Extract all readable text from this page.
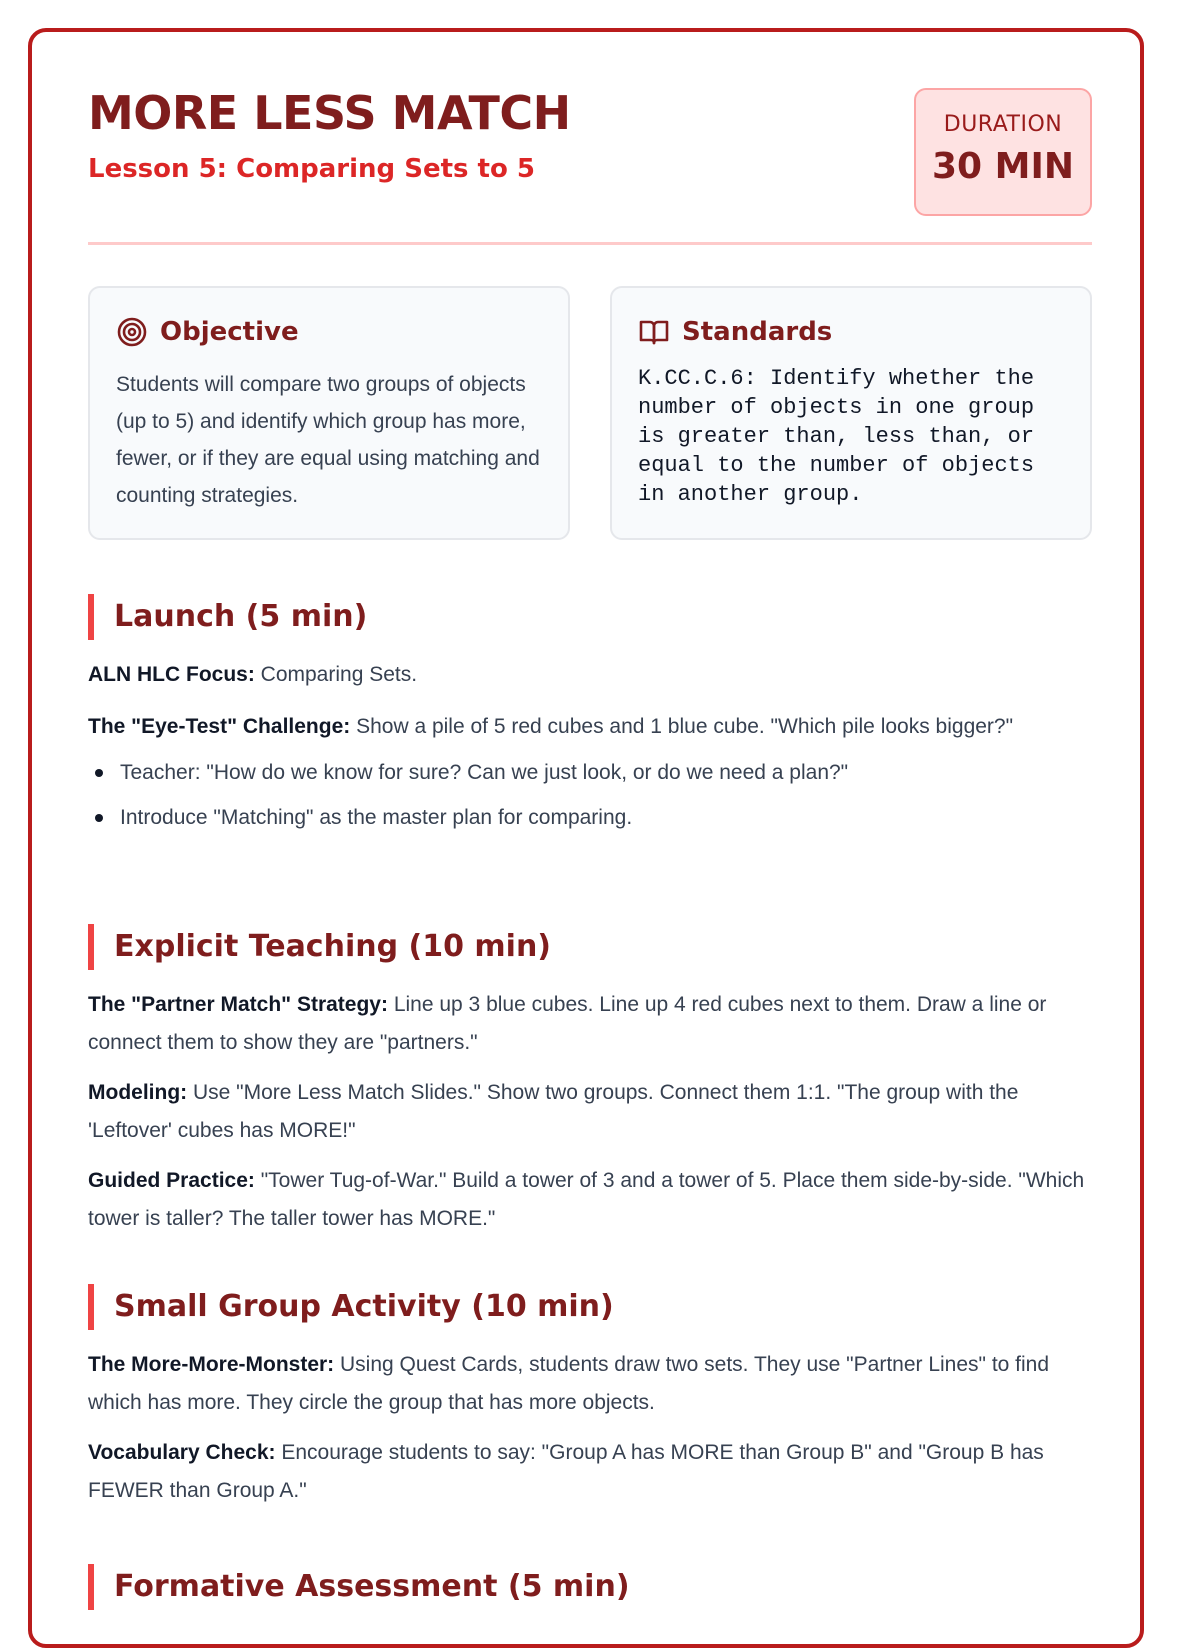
MORE LESS MATCH
Lesson 5: Comparing Sets to 5
DURATION
30 MIN
Objective
Students will compare two groups of objects (up to 5) and identify which group has more, fewer, or if they are equal using matching and counting strategies.
Standards
K.CC.C.6: Identify whether the number of objects in one group is greater than, less than, or equal to the number of objects in another group.
Launch (5 min)

ALN HLC Focus: Comparing Sets.

The "Eye-Test" Challenge: Show a pile of 5 red cubes and 1 blue cube. "Which pile looks bigger?"

Teacher: "How do we know for sure? Can we just look, or do we need a plan?"
Introduce "Matching" as the master plan for comparing.
Explicit Teaching (10 min)

The "Partner Match" Strategy: Line up 3 blue cubes. Line up 4 red cubes next to them. Draw a line or connect them to show they are "partners."

Modeling: Use "More Less Match Slides." Show two groups. Connect them 1:1. "The group with the 'Leftover' cubes has MORE!"

Guided Practice: "Tower Tug-of-War." Build a tower of 3 and a tower of 5. Place them side-by-side. "Which tower is taller? The taller tower has MORE."

Small Group Activity (10 min)

The More-More-Monster: Using Quest Cards, students draw two sets. They use "Partner Lines" to find which has more. They circle the group that has more objects.

Vocabulary Check: Encourage students to say: "Group A has MORE than Group B" and "Group B has FEWER than Group A."

Formative Assessment (5 min)
